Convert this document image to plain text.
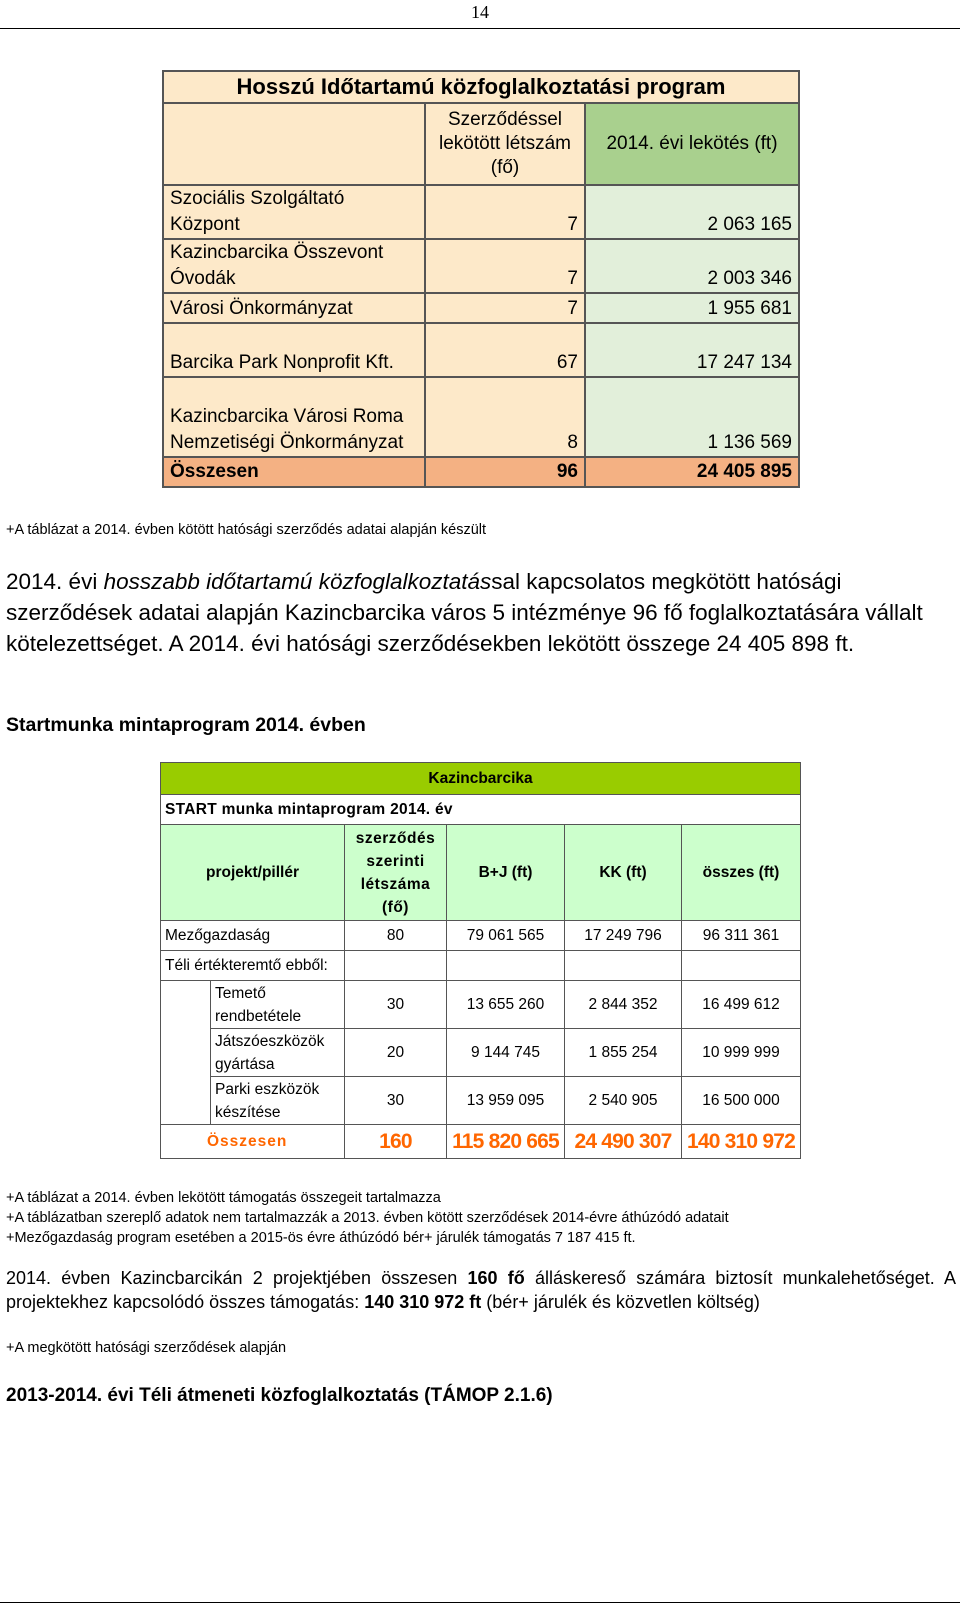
14
Hosszú Időtartamú közfoglalkoztatási program		
	Szerződéssel lekötött létszám (fő)	2014. évi lekötés (ft)
Szociális Szolgáltató Központ	7	2 063 165
Kazincbarcika Összevont Óvodák	7	2 003 346
Városi Önkormányzat	7	1 955 681
Barcika Park Nonprofit Kft.	67	17 247 134
Kazincbarcika Városi Roma Nemzetiségi Önkormányzat	8	1 136 569
Összesen	96	24 405 895
+A táblázat a 2014. évben kötött hatósági szerződés adatai alapján készült
2014. évi hosszabb időtartamú közfoglalkoztatással kapcsolatos megkötött hatósági szerződések adatai alapján Kazincbarcika város 5 intézménye 96 fő foglalkoztatására vállalt kötelezettséget. A 2014. évi hatósági szerződésekben lekötött összege 24 405 898 ft.
Startmunka mintaprogram 2014. évben
Kazincbarcika					
START munka mintaprogram 2014. év					
projekt/pillér		szerződés szerinti létszáma (fő)	B+J (ft)	KK (ft)	összes (ft)
Mezőgazdaság		80	79 061 565	17 249 796	96 311 361
Téli értékteremtő ebből:					
	Temető rendbetétele	30	13 655 260	2 844 352	16 499 612
	Játszóeszközök gyártása	20	9 144 745	1 855 254	10 999 999
	Parki eszközök készítése	30	13 959 095	2 540 905	16 500 000
Összesen		160	115 820 665	24 490 307	140 310 972
+A táblázat a 2014. évben lekötött támogatás összegeit tartalmazza
+A táblázatban szereplő adatok nem tartalmazzák a 2013. évben kötött szerződések 2014-évre áthúzódó adatait
+Mezőgazdaság program esetében a 2015-ös évre áthúzódó bér+ járulék támogatás 7 187 415 ft.
2014. évben Kazincbarcikán 2 projektjében összesen 160 fő álláskereső számára biztosít munkalehetőséget. A projektekhez kapcsolódó összes támogatás: 140 310 972 ft (bér+ járulék és közvetlen költség)
+A megkötött hatósági szerződések alapján
2013-2014. évi Téli átmeneti közfoglalkoztatás (TÁMOP 2.1.6)
